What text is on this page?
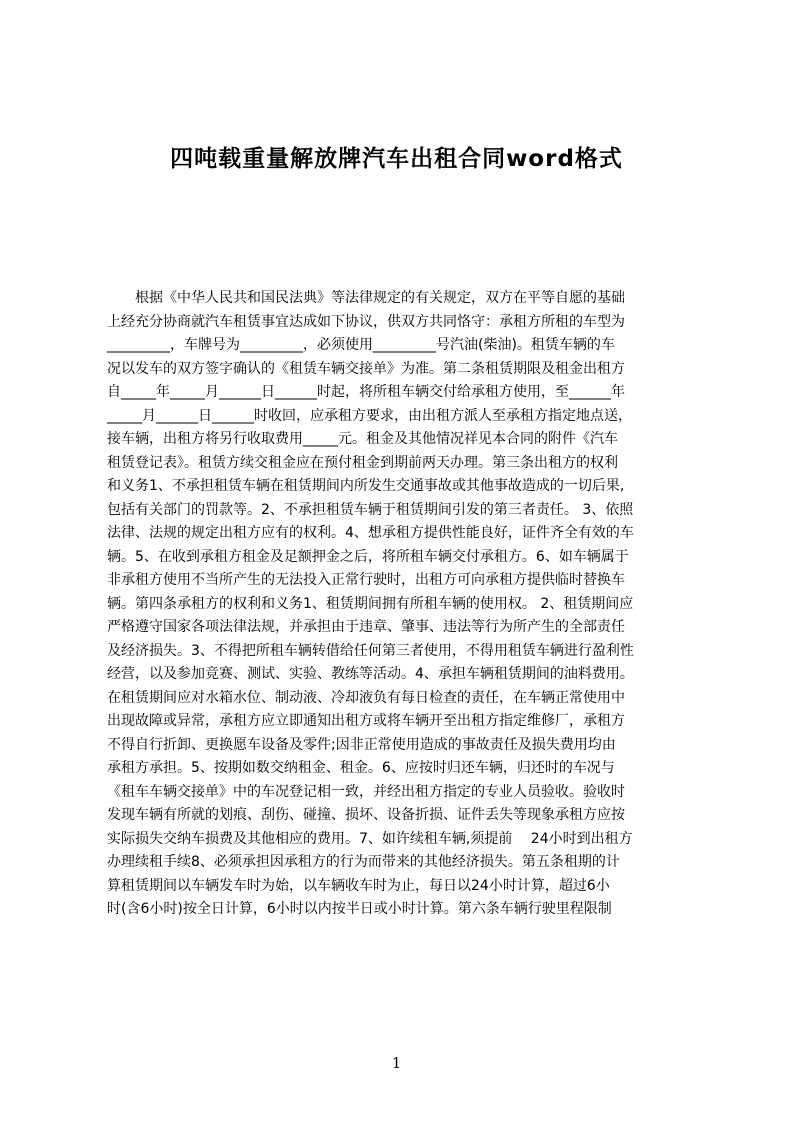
四吨载重量解放牌汽车出租合同word格式
　　根据《中华人民共和国民法典》等法律规定的有关规定，双方在平等自愿的基础
上经充分协商就汽车租赁事宜达成如下协议，供双方共同恪守：承租方所租的车型为
_________，车牌号为_________，必须使用_________号汽油(柴油)。租赁车辆的车
况以发车的双方签字确认的《租赁车辆交接单》为准。第二条租赁期限及租金出租方
自_____年_____月______日______时起，将所租车辆交付给承租方使用，至______年
_____月______日______时收回，应承租方要求，由出租方派人至承租方指定地点送，
接车辆，出租方将另行收取费用_____元。租金及其他情况祥见本合同的附件《汽车
租赁登记表》。租赁方续交租金应在预付租金到期前两天办理。第三条出租方的权利
和义务1、不承担租赁车辆在租赁期间内所发生交通事故或其他事故造成的一切后果,
包括有关部门的罚款等。2、不承担租赁车辆于租赁期间引发的第三者责任。 3、依照
法律、法规的规定出租方应有的权利。4、想承租方提供性能良好，证件齐全有效的车
辆。5、在收到承租方租金及足额押金之后，将所租车辆交付承租方。6、如车辆属于
非承租方使用不当所产生的无法投入正常行驶时，出租方可向承租方提供临时替换车
辆。第四条承租方的权利和义务1、租赁期间拥有所租车辆的使用权。 2、租赁期间应
严格遵守国家各项法律法规，并承担由于违章、肇事、违法等行为所产生的全部责任
及经济损失。3、不得把所租车辆转借给任何第三者使用，不得用租赁车辆进行盈利性
经营，以及参加竞赛、测试、实验、教练等活动。4、承担车辆租赁期间的油料费用。
在租赁期间应对水箱水位、制动液、冷却液负有每日检查的责任，在车辆正常使用中
出现故障或异常，承租方应立即通知出租方或将车辆开至出租方指定维修厂，承租方
不得自行折卸、更换愿车设备及零件;因非正常使用造成的事故责任及损失费用均由
承租方承担。5、按期如数交纳租金、租金。6、应按时归还车辆，归还时的车况与
《租车车辆交接单》中的车况登记相一致，并经出租方指定的专业人员验收。验收时
发现车辆有所就的划痕、刮伤、碰撞、损坏、设备折损、证件丢失等现象承租方应按
实际损失交纳车损费及其他相应的费用。7、如许续租车辆,须提前　 24小时到出租方
办理续租手续8、必须承担因承租方的行为而带来的其他经济损失。第五条租期的计
算租赁期间以车辆发车时为始，以车辆收车时为止，每日以24小时计算，超过6小
时(含6小时)按全日计算，6小时以内按半日或小时计算。第六条车辆行驶里程限制
1
